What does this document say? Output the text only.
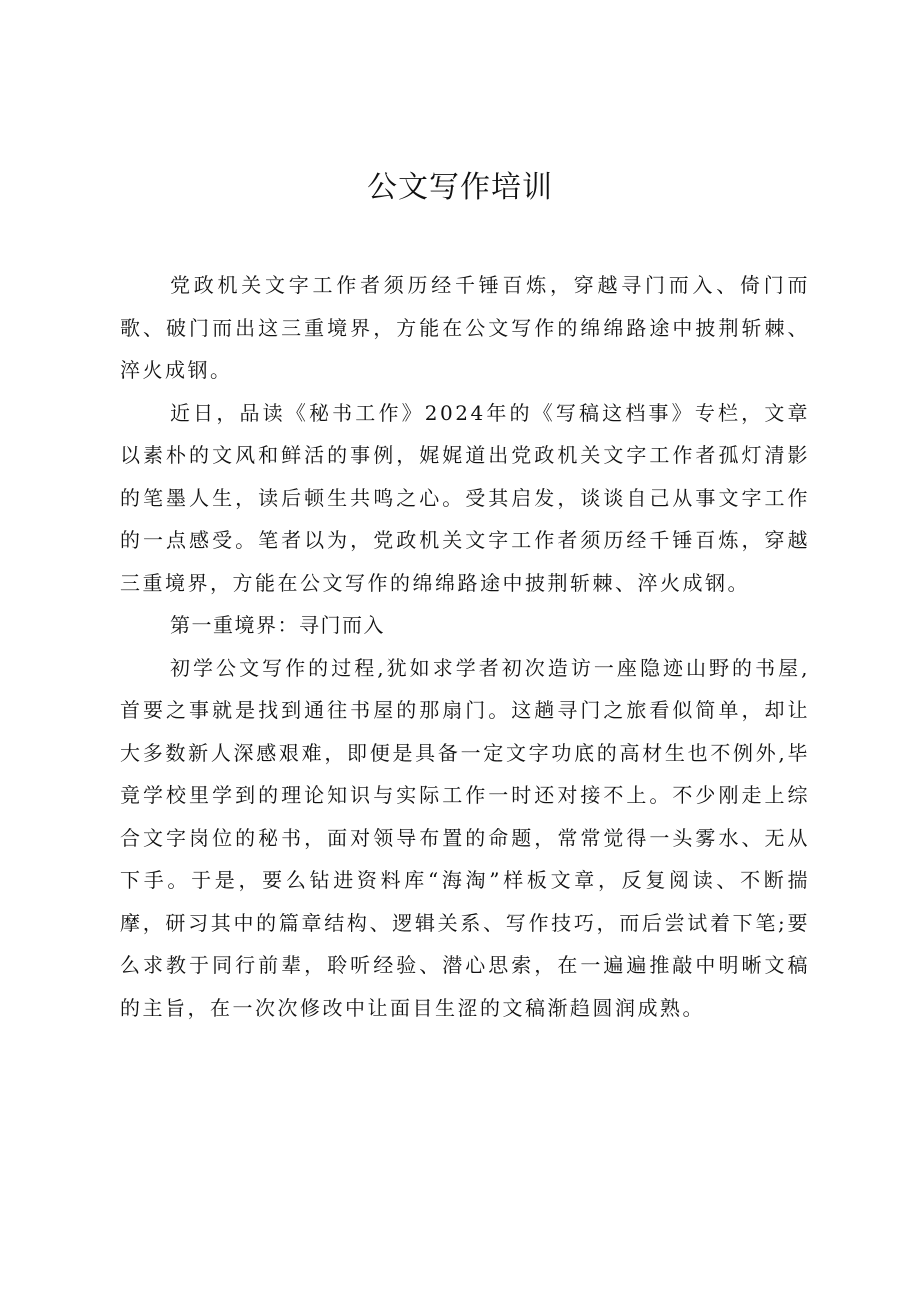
公文写作培训

党政机关文字工作者须历经千锤百炼，穿越寻门而入、倚门而歌、破门而出这三重境界，方能在公文写作的绵绵路途中披荆斩棘、淬火成钢。

近日，品读《秘书工作》2024年的《写稿这档事》专栏，文章以素朴的文风和鲜活的事例，娓娓道出党政机关文字工作者孤灯清影的笔墨人生，读后顿生共鸣之心。受其启发，谈谈自己从事文字工作的一点感受。笔者以为，党政机关文字工作者须历经千锤百炼，穿越三重境界，方能在公文写作的绵绵路途中披荆斩棘、淬火成钢。

第一重境界：寻门而入

初学公文写作的过程,犹如求学者初次造访一座隐迹山野的书屋,首要之事就是找到通往书屋的那扇门。这趟寻门之旅看似简单，却让大多数新人深感艰难，即便是具备一定文字功底的高材生也不例外,毕竟学校里学到的理论知识与实际工作一时还对接不上。不少刚走上综合文字岗位的秘书，面对领导布置的命题，常常觉得一头雾水、无从下手。于是，要么钻进资料库“海淘”样板文章，反复阅读、不断揣摩，研习其中的篇章结构、逻辑关系、写作技巧，而后尝试着下笔;要么求教于同行前辈，聆听经验、潜心思索，在一遍遍推敲中明晰文稿的主旨，在一次次修改中让面目生涩的文稿渐趋圆润成熟。
